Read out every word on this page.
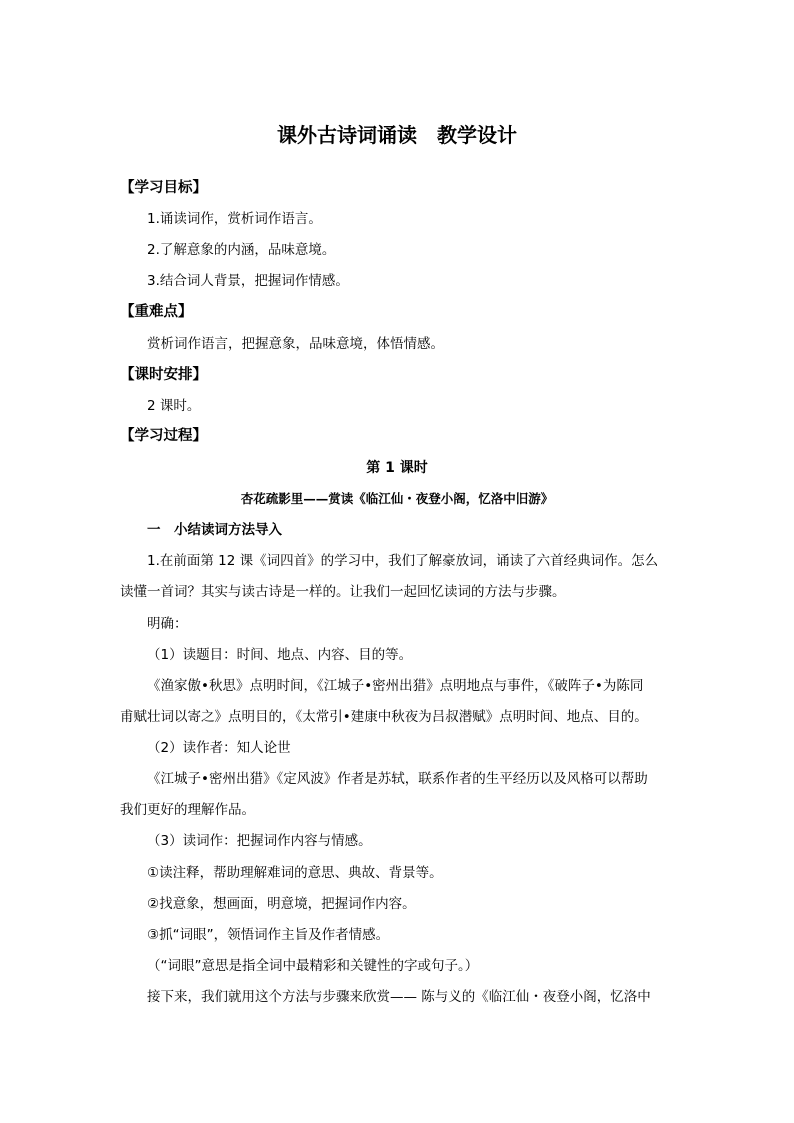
课外古诗词诵读　教学设计
【学习目标】
1.诵读词作，赏析词作语言。
2.了解意象的内涵，品味意境。
3.结合词人背景，把握词作情感。
【重难点】
赏析词作语言，把握意象，品味意境，体悟情感。
【课时安排】
2 课时。
【学习过程】
第 1 课时
杏花疏影里——赏读《临江仙・夜登小阁，忆洛中旧游》
一　小结读词方法导入
1.在前面第 12 课《词四首》的学习中，我们了解豪放词，诵读了六首经典词作。怎么
读懂一首词？其实与读古诗是一样的。让我们一起回忆读词的方法与步骤。
明确：
（1）读题目：时间、地点、内容、目的等。
《渔家傲•秋思》点明时间，《江城子•密州出猎》点明地点与事件，《破阵子•为陈同
甫赋壮词以寄之》点明目的，《太常引•建康中秋夜为吕叔潜赋》点明时间、地点、目的。
（2）读作者：知人论世
《江城子•密州出猎》《定风波》作者是苏轼，联系作者的生平经历以及风格可以帮助
我们更好的理解作品。
（3）读词作：把握词作内容与情感。
①读注释，帮助理解难词的意思、典故、背景等。
②找意象，想画面，明意境，把握词作内容。
③抓“词眼”，领悟词作主旨及作者情感。
（“词眼”意思是指全词中最精彩和关键性的字或句子。）
接下来，我们就用这个方法与步骤来欣赏—— 陈与义的《临江仙・夜登小阁，忆洛中
